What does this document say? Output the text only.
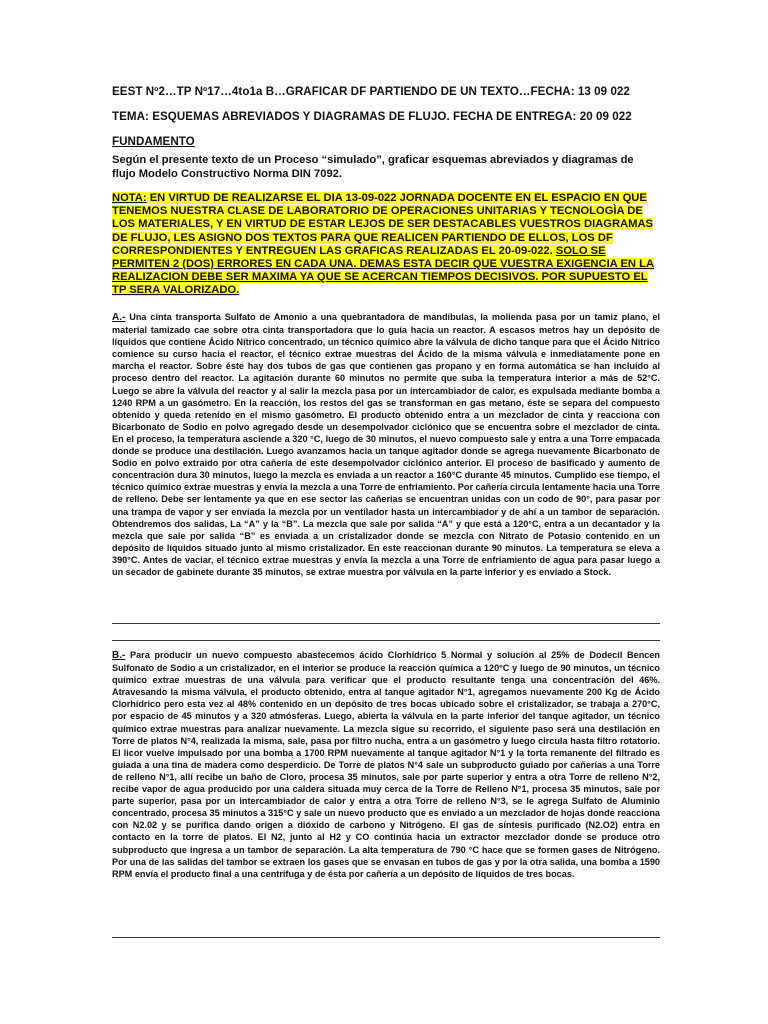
EEST Nº2…TP Nº17…4to1a B…GRAFICAR DF PARTIENDO DE UN TEXTO…FECHA: 13 09 022
TEMA: ESQUEMAS ABREVIADOS Y DIAGRAMAS DE FLUJO. FECHA DE ENTREGA: 20 09 022
FUNDAMENTO
Según el presente texto de un Proceso “simulado”, graficar esquemas abreviados y diagramas de flujo Modelo Constructivo Norma DIN 7092.
NOTA: EN VIRTUD DE REALIZARSE EL DIA 13-09-022 JORNADA DOCENTE EN EL ESPACIO EN QUE TENEMOS NUESTRA CLASE DE LABORATORIO DE OPERACIONES UNITARIAS Y TECNOLOGÌA DE LOS MATERIALES, Y EN VIRTUD DE ESTAR LEJOS DE SER DESTACABLES VUESTROS DIAGRAMAS DE FLUJO, LES ASIGNO DOS TEXTOS PARA QUE REALICEN PARTIENDO DE ELLOS, LOS DF CORRESPONDIENTES Y ENTREGUEN LAS GRAFICAS REALIZADAS EL 20-09-022. SOLO SE PERMITEN 2 (DOS) ERRORES EN CADA UNA. DEMAS ESTA DECIR QUE VUESTRA EXIGENCIA EN LA REALIZACION DEBE SER MAXIMA YA QUE SE ACERCAN TIEMPOS DECISIVOS. POR SUPUESTO EL TP SERA VALORIZADO.
A.- Una cinta transporta Sulfato de Amonio a una quebrantadora de mandíbulas, la molienda pasa por un tamiz plano, el material tamizado cae sobre otra cinta transportadora que lo guía hacia un reactor. A escasos metros hay un depósito de líquidos que contiene Ácido Nítrico concentrado, un técnico químico abre la válvula de dicho tanque para que el Ácido Nítrico comience su curso hacia el reactor, el técnico extrae muestras del Ácido de la misma válvula e inmediatamente pone en marcha el reactor. Sobre éste hay dos tubos de gas que contienen gas propano y en forma automática se han incluido al proceso dentro del reactor. La agitación durante 60 minutos no permite que suba la temperatura interior a más de 52°C. Luego se abre la válvula del reactor y al salir la mezcla pasa por un intercambiador de calor, es expulsada mediante bomba a 1240 RPM a un gasómetro. En la reacción, los restos del gas se transforman en gas metano, éste se separa del compuesto obtenido y queda retenido en el mismo gasómetro. El producto obtenido entra a un mezclador de cinta y reacciona con Bicarbonato de Sodio en polvo agregado desde un desempolvador ciclónico que se encuentra sobre el mezclador de cinta. En el proceso, la temperatura asciende a 320 °C, luego de 30 minutos, el nuevo compuesto sale y entra a una Torre empacada donde se produce una destilación. Luego avanzamos hacia un tanque agitador donde se agrega nuevamente Bicarbonato de Sodio en polvo extraido por otra cañería de este desempolvador ciclónico anterior. El proceso de basificado y aumento de concentración dura 30 minutos, luego la mezcla es enviada a un reactor a 160°C durante 45 minutos. Cumplido ese tiempo, el técnico químico extrae muestras y envía la mezcla a una Torre de enfriamiento. Por cañería circula lentamente hacia una Torre de relleno. Debe ser lentamente ya que en ese sector las cañerias se encuentran unidas con un codo de 90°, para pasar por una trampa de vapor y ser enviada la mezcla por un ventilador hasta un intercambiador y de ahí a un tambor de separación. Obtendremos dos salidas, La “A” y la “B”. La mezcla que sale por salida “A” y que está a 120°C, entra a un decantador y la mezcla que sale por salida “B” es enviada a un cristalizador donde se mezcla con Nitrato de Potasio contenido en un depósito de líquidos situado junto al mismo cristalizador. En este reaccionan durante 90 minutos. La temperatura se eleva a 390°C. Antes de vaciar, el técnico extrae muestras y envía la mezcla a una Torre de enfriamiento de agua para pasar luego a un secador de gabinete durante 35 minutos, se extrae muestra por válvula en la parte inferior y es enviado a Stock.
B.- Para producir un nuevo compuesto abastecemos ácido Clorhídrico 5 Normal y solución al 25% de Dodecil Bencen Sulfonato de Sodio a un cristalizador, en el interior se produce la reacción química a 120°C y luego de 90 minutos, un técnico químico extrae muestras de una válvula para verificar que el producto resultante tenga una concentración del 46%. Atravesando la misma válvula, el producto obtenido, entra al tanque agitador N°1, agregamos nuevamente 200 Kg de Ácido Clorhídrico pero esta vez al 48% contenido en un depósito de tres bocas ubicado sobre el cristalizador, se trabaja a 270°C, por espacio de 45 minutos y a 320 atmósferas. Luego, abierta la válvula en la parte inferior del tanque agitador, un técnico químico extrae muestras para analizar nuevamente. La mezcla sigue su recorrido, el siguiente paso será una destilación en Torre de platos N°4, realizada la misma, sale, pasa por filtro nucha, entra a un gasómetro y luego circula hasta filtro rotatorio. El licor vuelve impulsado por una bomba a 1700 RPM nuevamente al tanque agitador N°1 y la torta remanente del filtrado es guiada a una tina de madera como desperdicio. De Torre de platos N°4 sale un subproducto guiado por cañerías a una Torre de relleno N°1, allí recibe un baño de Cloro, procesa 35 minutos, sale por parte superior y entra a otra Torre de relleno N°2, recibe vapor de agua producido por una caldera situada muy cerca de la Torre de Relleno N°1, procesa 35 minutos, sale por parte superior, pasa por un intercambiador de calor y entra a otra Torre de relleno N°3, se le agrega Sulfato de Aluminio concentrado, procesa 35 minutos a 315°C y sale un nuevo producto que es enviado a un mezclador de hojas donde reacciona con N2.02 y se purifica dando origen a dióxido de carbono y Nitrógeno. El gas de síntesis purificado (N2.O2) entra en contacto en la torre de platos. El N2, junto al H2 y CO continúa hacia un extractor mezclador donde se produce otro subproducto que ingresa a un tambor de separación. La alta temperatura de 790 °C hace que se formen gases de Nitrógeno. Por una de las salidas del tambor se extraen los gases que se envasan en tubos de gas y por la otra salida, una bomba a 1590 RPM envía el producto final a una centrifuga y de ésta por cañería a un depósito de líquidos de tres bocas.
